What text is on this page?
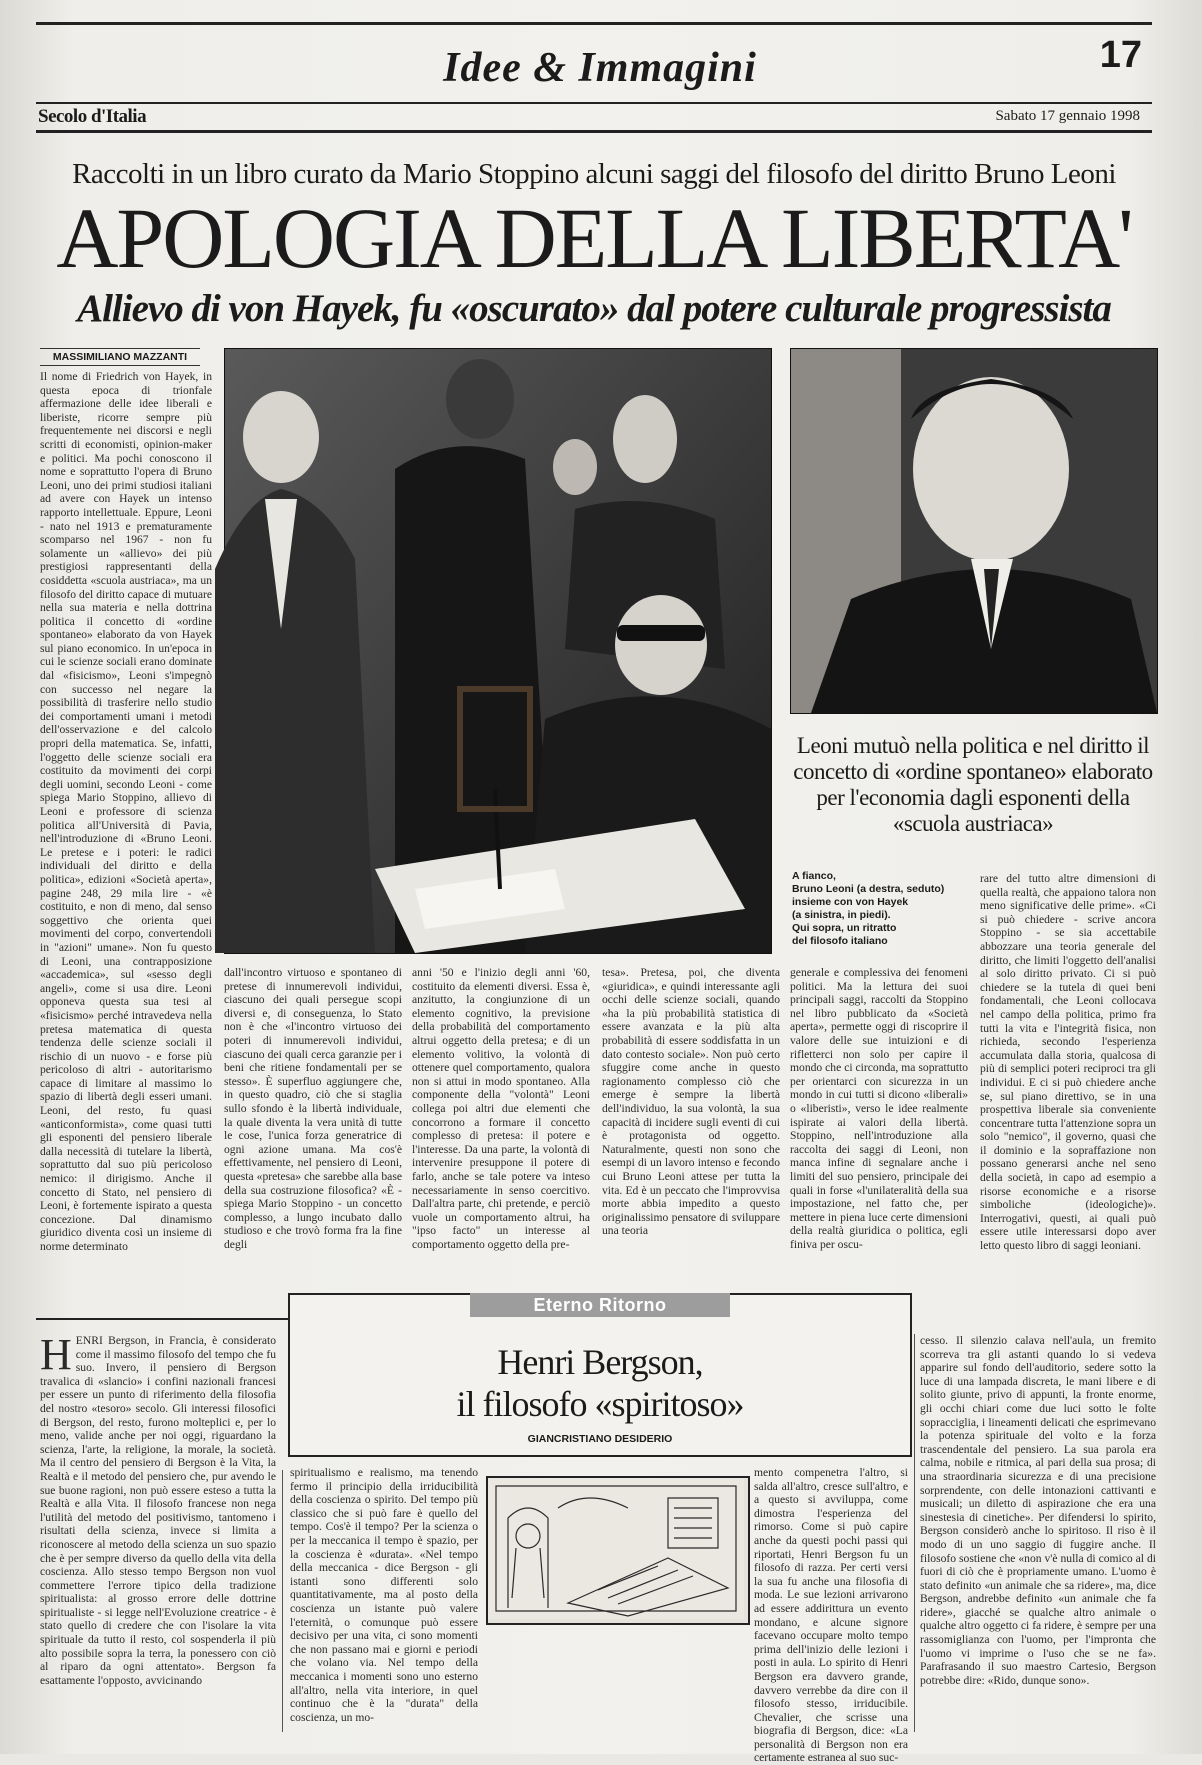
Idee & Immagini	17
Secolo d'Italia	Sabato 17 gennaio 1998
Raccolti in un libro curato da Mario Stoppino alcuni saggi del filosofo del diritto Bruno Leoni
APOLOGIA DELLA LIBERTA'
Allievo di von Hayek, fu «oscurato» dal potere culturale progressista
MASSIMILIANO MAZZANTI
Il nome di Friedrich von Hayek, in questa epoca di trionfale affermazione delle idee liberali e liberiste, ricorre sempre più frequentemente nei discorsi e negli scritti di economisti, opinion-maker e politici. Ma pochi conoscono il nome e soprattutto l'opera di Bruno Leoni, uno dei primi studiosi italiani ad avere con Hayek un intenso rapporto intellettuale. Eppure, Leoni - nato nel 1913 e prematuramente scomparso nel 1967 - non fu solamente un «allievo» dei più prestigiosi rappresentanti della cosiddetta «scuola austriaca», ma un filosofo del diritto capace di mutuare nella sua materia e nella dottrina politica il concetto di «ordine spontaneo» elaborato da von Hayek sul piano economico. In un'epoca in cui le scienze sociali erano dominate dal «fisicismo», Leoni s'impegnò con successo nel negare la possibilità di trasferire nello studio dei comportamenti umani i metodi dell'osservazione e del calcolo propri della matematica. Se, infatti, l'oggetto delle scienze sociali era costituito da movimenti dei corpi degli uomini, secondo Leoni - come spiega Mario Stoppino, allievo di Leoni e professore di scienza politica all'Università di Pavia, nell'introduzione di «Bruno Leoni. Le pretese e i poteri: le radici individuali del diritto e della politica», edizioni «Società aperta», pagine 248, 29 mila lire - «è costituito, e non di meno, dal senso soggettivo che orienta quei movimenti del corpo, convertendoli in "azioni" umane». Non fu questo di Leoni, una contrapposizione «accademica», sul «sesso degli angeli», come si usa dire. Leoni opponeva questa sua tesi al «fisicismo» perché intravedeva nella pretesa matematica di questa tendenza delle scienze sociali il rischio di un nuovo - e forse più pericoloso di altri - autoritarismo capace di limitare al massimo lo spazio di libertà degli esseri umani. Leoni, del resto, fu quasi «anticonformista», come quasi tutti gli esponenti del pensiero liberale dalla necessità di tutelare la libertà, soprattutto dal suo più pericoloso nemico: il dirigismo. Anche il concetto di Stato, nel pensiero di Leoni, è fortemente ispirato a questa concezione. Dal dinamismo giuridico diventa così un insieme di norme determinato
Leoni mutuò nella politica e nel diritto il concetto di «ordine spontaneo» elaborato per l'economia dagli esponenti della «scuola austriaca»
A fianco,
Bruno Leoni (a destra, seduto)
insieme con von Hayek
(a sinistra, in piedi).
Qui sopra, un ritratto
del filosofo italiano
dall'incontro virtuoso e spontaneo di pretese di innumerevoli individui, ciascuno dei quali persegue scopi diversi e, di conseguenza, lo Stato non è che «l'incontro virtuoso dei poteri di innumerevoli individui, ciascuno dei quali cerca garanzie per i beni che ritiene fondamentali per se stesso». È superfluo aggiungere che, in questo quadro, ciò che si staglia sullo sfondo è la libertà individuale, la quale diventa la vera unità di tutte le cose, l'unica forza generatrice di ogni azione umana. Ma cos'è effettivamente, nel pensiero di Leoni, questa «pretesa» che sarebbe alla base della sua costruzione filosofica? «È - spiega Mario Stoppino - un concetto complesso, a lungo incubato dallo studioso e che trovò forma fra la fine degli
anni '50 e l'inizio degli anni '60, costituito da elementi diversi. Essa è, anzitutto, la congiunzione di un elemento cognitivo, la previsione della probabilità del comportamento altrui oggetto della pretesa; e di un elemento volitivo, la volontà di ottenere quel comportamento, qualora non si attui in modo spontaneo. Alla componente della "volontà" Leoni collega poi altri due elementi che concorrono a formare il concetto complesso di pretesa: il potere e l'interesse. Da una parte, la volontà di intervenire presuppone il potere di farlo, anche se tale potere va inteso necessariamente in senso coercitivo. Dall'altra parte, chi pretende, e perciò vuole un comportamento altrui, ha "ipso facto" un interesse al comportamento oggetto della pre-
tesa». Pretesa, poi, che diventa «giuridica», e quindi interessante agli occhi delle scienze sociali, quando «ha la più probabilità statistica di essere avanzata e la più alta probabilità di essere soddisfatta in un dato contesto sociale». Non può certo sfuggire come anche in questo ragionamento complesso ciò che emerge è sempre la libertà dell'individuo, la sua volontà, la sua capacità di incidere sugli eventi di cui è protagonista od oggetto. Naturalmente, questi non sono che esempi di un lavoro intenso e fecondo cui Bruno Leoni attese per tutta la vita. Ed è un peccato che l'improvvisa morte abbia impedito a questo originalissimo pensatore di sviluppare una teoria
generale e complessiva dei fenomeni politici. Ma la lettura dei suoi principali saggi, raccolti da Stoppino nel libro pubblicato da «Società aperta», permette oggi di riscoprire il valore delle sue intuizioni e di rifletterci non solo per capire il mondo che ci circonda, ma soprattutto per orientarci con sicurezza in un mondo in cui tutti si dicono «liberali» o «liberisti», verso le idee realmente ispirate ai valori della libertà. Stoppino, nell'introduzione alla raccolta dei saggi di Leoni, non manca infine di segnalare anche i limiti del suo pensiero, principale dei quali in forse «l'unilateralità della sua impostazione, nel fatto che, per mettere in piena luce certe dimensioni della realtà giuridica o politica, egli finiva per oscu-
rare del tutto altre dimensioni di quella realtà, che appaiono talora non meno significative delle prime». «Ci si può chiedere - scrive ancora Stoppino - se sia accettabile abbozzare una teoria generale del diritto, che limiti l'oggetto dell'analisi al solo diritto privato. Ci si può chiedere se la tutela di quei beni fondamentali, che Leoni collocava nel campo della politica, primo fra tutti la vita e l'integrità fisica, non richieda, secondo l'esperienza accumulata dalla storia, qualcosa di più di semplici poteri reciproci tra gli individui. E ci si può chiedere anche se, sul piano direttivo, se in una prospettiva liberale sia conveniente concentrare tutta l'attenzione sopra un solo "nemico", il governo, quasi che il dominio e la sopraffazione non possano generarsi anche nel seno della società, in capo ad esempio a risorse economiche e a risorse simboliche (ideologiche)». Interrogativi, questi, ai quali può essere utile interessarsi dopo aver letto questo libro di saggi leoniani.
Eterno Ritorno
Henri Bergson,
il filosofo «spiritoso»
GIANCRISTIANO DESIDERIO
HENRI Bergson, in Francia, è considerato come il massimo filosofo del tempo che fu suo. Invero, il pensiero di Bergson travalica di «slancio» i confini nazionali francesi per essere un punto di riferimento della filosofia del nostro «tesoro» secolo. Gli interessi filosofici di Bergson, del resto, furono molteplici e, per lo meno, valide anche per noi oggi, riguardano la scienza, l'arte, la religione, la morale, la società. Ma il centro del pensiero di Bergson è la Vita, la Realtà e il metodo del pensiero che, pur avendo le sue buone ragioni, non può essere esteso a tutta la Realtà e alla Vita. Il filosofo francese non nega l'utilità del metodo del positivismo, tantomeno i risultati della scienza, invece si limita a riconoscere al metodo della scienza un suo spazio che è per sempre diverso da quello della vita della coscienza. Allo stesso tempo Bergson non vuol commettere l'errore tipico della tradizione spiritualista: al grosso errore delle dottrine spiritualiste - si legge nell'Evoluzione creatrice - è stato quello di credere che con l'isolare la vita spirituale da tutto il resto, col sospenderla il più alto possibile sopra la terra, la ponessero con ciò al riparo da ogni attentato». Bergson fa esattamente l'opposto, avvicinando
spiritualismo e realismo, ma tenendo fermo il principio della irriducibilità della coscienza o spirito. Del tempo più classico che si può fare è quello del tempo. Cos'è il tempo? Per la scienza o per la meccanica il tempo è spazio, per la coscienza è «durata». «Nel tempo della meccanica - dice Bergson - gli istanti sono differenti solo quantitativamente, ma al posto della coscienza un istante può valere l'eternità, o comunque può essere decisivo per una vita, ci sono momenti che non passano mai e giorni e periodi che volano via. Nel tempo della meccanica i momenti sono uno esterno all'altro, nella vita interiore, in quel continuo che è la "durata" della coscienza, un mo-
mento compenetra l'altro, si salda all'altro, cresce sull'altro, e a questo si avviluppa, come dimostra l'esperienza del rimorso. Come si può capire anche da questi pochi passi qui riportati, Henri Bergson fu un filosofo di razza. Per certi versi la sua fu anche una filosofia di moda. Le sue lezioni arrivarono ad essere addirittura un evento mondano, e alcune signore facevano occupare molto tempo prima dell'inizio delle lezioni i posti in aula. Lo spirito di Henri Bergson era davvero grande, davvero verrebbe da dire con il filosofo stesso, irriducibile. Chevalier, che scrisse una biografia di Bergson, dice: «La personalità di Bergson non era certamente estranea al suo suc-
cesso. Il silenzio calava nell'aula, un fremito scorreva tra gli astanti quando lo si vedeva apparire sul fondo dell'auditorio, sedere sotto la luce di una lampada discreta, le mani libere e di solito giunte, privo di appunti, la fronte enorme, gli occhi chiari come due luci sotto le folte sopracciglia, i lineamenti delicati che esprimevano la potenza spirituale del volto e la forza trascendentale del pensiero. La sua parola era calma, nobile e ritmica, al pari della sua prosa; di una straordinaria sicurezza e di una precisione sorprendente, con delle intonazioni cattivanti e musicali; un diletto di aspirazione che era una sinestesia di cinetiche». Per difendersi lo spirito, Bergson considerò anche lo spiritoso. Il riso è il modo di un uno saggio di fuggire anche. Il filosofo sostiene che «non v'è nulla di comico al di fuori di ciò che è propriamente umano. L'uomo è stato definito «un animale che sa ridere», ma, dice Bergson, andrebbe definito «un animale che fa ridere», giacché se qualche altro animale o qualche altro oggetto ci fa ridere, è sempre per una rassomiglianza con l'uomo, per l'impronta che l'uomo vi imprime o l'uso che se ne fa». Parafrasando il suo maestro Cartesio, Bergson potrebbe dire: «Rido, dunque sono».
